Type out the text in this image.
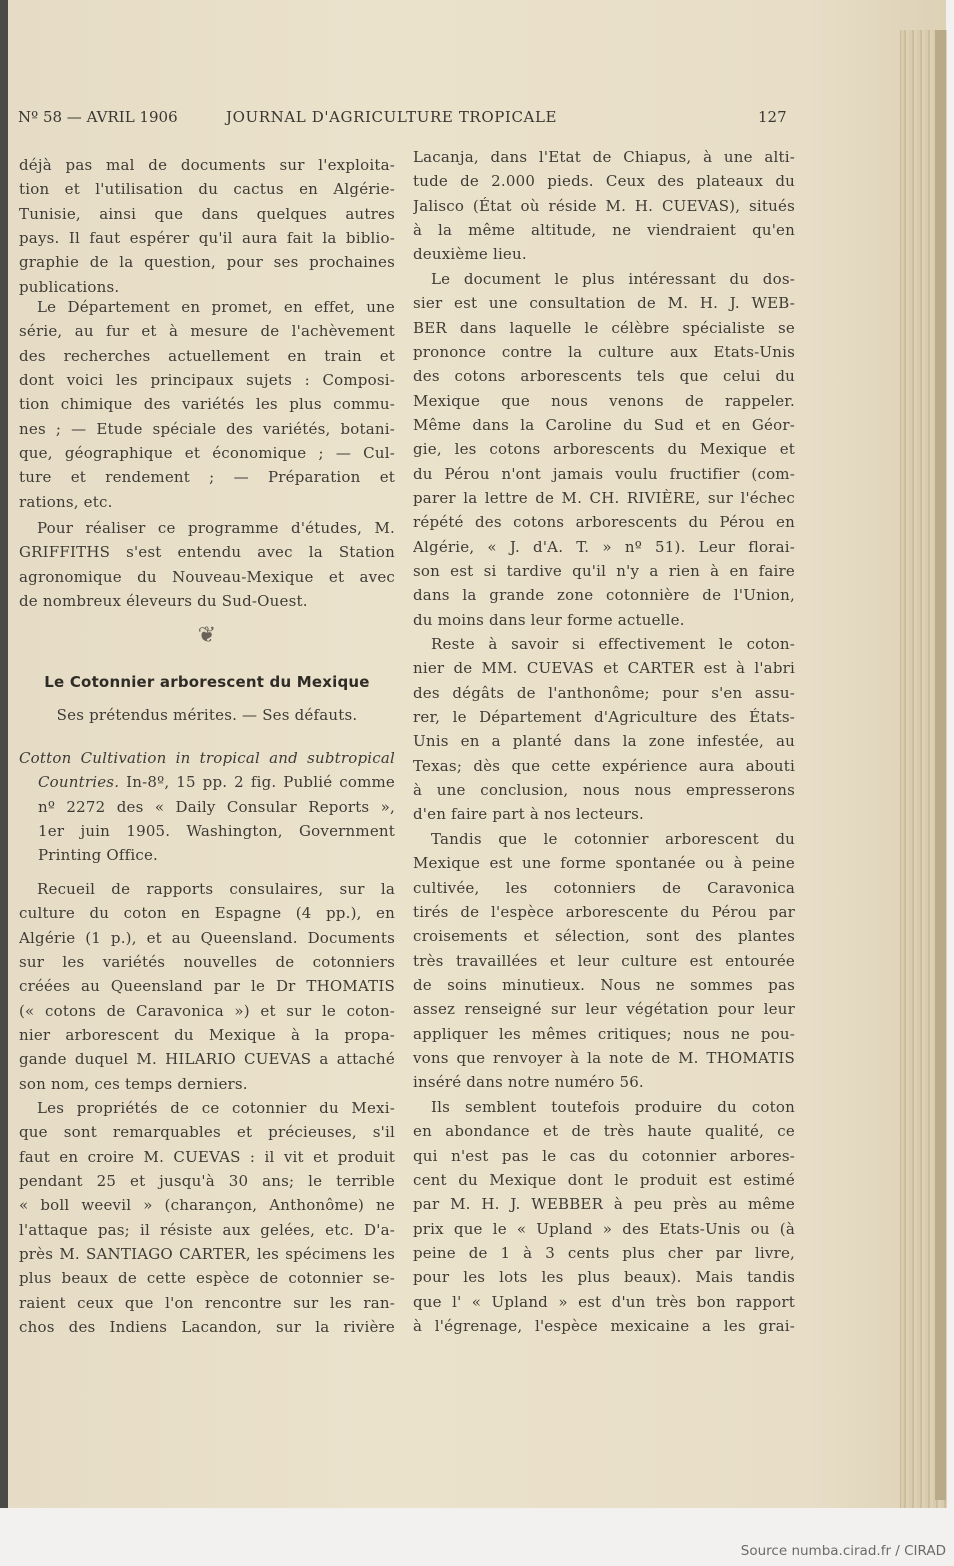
Nº 58 — AVRIL 1906	JOURNAL D'AGRICULTURE TROPICALE	127
déjà pas mal de documents sur l'exploita-
tion et l'utilisation du cactus en Algérie-
Tunisie, ainsi que dans quelques autres
pays. Il faut espérer qu'il aura fait la biblio-
graphie de la question, pour ses prochaines
publications.
Le Département en promet, en effet, une
série, au fur et à mesure de l'achèvement
des recherches actuellement en train et
dont voici les principaux sujets : Composi-
tion chimique des variétés les plus commu-
nes ; — Etude spéciale des variétés, botani-
que, géographique et économique ; — Cul-
ture et rendement ; — Préparation et
rations, etc.
Pour réaliser ce programme d'études, M.
GRIFFITHS s'est entendu avec la Station
agronomique du Nouveau-Mexique et avec
de nombreux éleveurs du Sud-Ouest.
❦
Le Cotonnier arborescent du Mexique
Ses prétendus mérites. — Ses défauts.
Cotton Cultivation in tropical and subtropical
Countries. In-8º, 15 pp. 2 fig. Publié comme
nº 2272 des « Daily Consular Reports »,
1er juin 1905. Washington, Government
Printing Office.
Recueil de rapports consulaires, sur la
culture du coton en Espagne (4 pp.), en
Algérie (1 p.), et au Queensland. Documents
sur les variétés nouvelles de cotonniers
créées au Queensland par le Dr THOMATIS
(« cotons de Caravonica ») et sur le coton-
nier arborescent du Mexique à la propa-
gande duquel M. HILARIO CUEVAS a attaché
son nom, ces temps derniers.
Les propriétés de ce cotonnier du Mexi-
que sont remarquables et précieuses, s'il
faut en croire M. CUEVAS : il vit et produit
pendant 25 et jusqu'à 30 ans; le terrible
« boll weevil » (charançon, Anthonôme) ne
l'attaque pas; il résiste aux gelées, etc. D'a-
près M. SANTIAGO CARTER, les spécimens les
plus beaux de cette espèce de cotonnier se-
raient ceux que l'on rencontre sur les ran-
chos des Indiens Lacandon, sur la rivière
Lacanja, dans l'Etat de Chiapus, à une alti-
tude de 2.000 pieds. Ceux des plateaux du
Jalisco (État où réside M. H. CUEVAS), situés
à la même altitude, ne viendraient qu'en
deuxième lieu.
Le document le plus intéressant du dos-
sier est une consultation de M. H. J. WEB-
BER dans laquelle le célèbre spécialiste se
prononce contre la culture aux Etats-Unis
des cotons arborescents tels que celui du
Mexique que nous venons de rappeler.
Même dans la Caroline du Sud et en Géor-
gie, les cotons arborescents du Mexique et
du Pérou n'ont jamais voulu fructifier (com-
parer la lettre de M. CH. RIVIÈRE, sur l'échec
répété des cotons arborescents du Pérou en
Algérie, « J. d'A. T. » nº 51). Leur florai-
son est si tardive qu'il n'y a rien à en faire
dans la grande zone cotonnière de l'Union,
du moins dans leur forme actuelle.
Reste à savoir si effectivement le coton-
nier de MM. CUEVAS et CARTER est à l'abri
des dégâts de l'anthonôme; pour s'en assu-
rer, le Département d'Agriculture des États-
Unis en a planté dans la zone infestée, au
Texas; dès que cette expérience aura abouti
à une conclusion, nous nous empresserons
d'en faire part à nos lecteurs.
Tandis que le cotonnier arborescent du
Mexique est une forme spontanée ou à peine
cultivée, les cotonniers de Caravonica
tirés de l'espèce arborescente du Pérou par
croisements et sélection, sont des plantes
très travaillées et leur culture est entourée
de soins minutieux. Nous ne sommes pas
assez renseigné sur leur végétation pour leur
appliquer les mêmes critiques; nous ne pou-
vons que renvoyer à la note de M. THOMATIS
inséré dans notre numéro 56.
Ils semblent toutefois produire du coton
en abondance et de très haute qualité, ce
qui n'est pas le cas du cotonnier arbores-
cent du Mexique dont le produit est estimé
par M. H. J. WEBBER à peu près au même
prix que le « Upland » des Etats-Unis ou (à
peine de 1 à 3 cents plus cher par livre,
pour les lots les plus beaux). Mais tandis
que l' « Upland » est d'un très bon rapport
à l'égrenage, l'espèce mexicaine a les grai-
Source numba.cirad.fr / CIRAD
